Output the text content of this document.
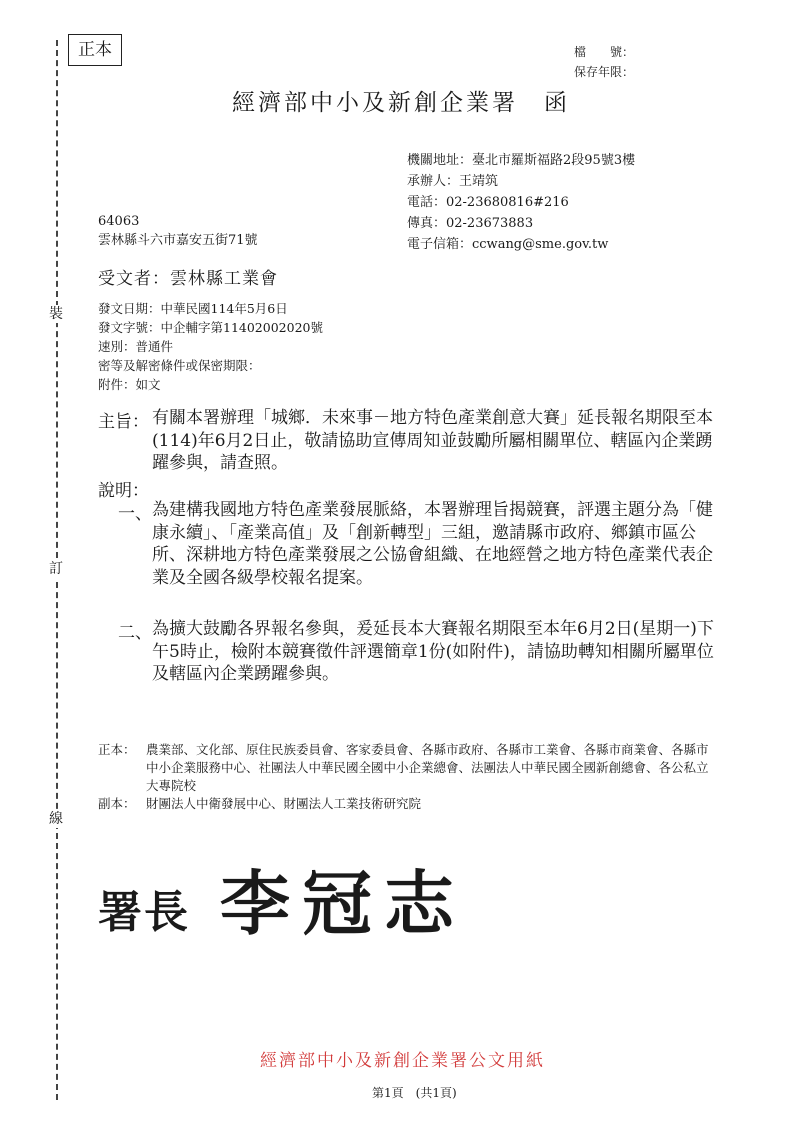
裝
訂
線
正本	檔　　號：
保存年限：
經濟部中小及新創企業署　函
機關地址：臺北市羅斯福路2段95號3樓
承辦人：王靖筑
電話：02-23680816#216
傳真：02-23673883
電子信箱：ccwang@sme.gov.tw
64063
雲林縣斗六市嘉安五街71號
受文者：雲林縣工業會
發文日期：中華民國114年5月6日
發文字號：中企輔字第11402002020號
速別：普通件
密等及解密條件或保密期限：
附件：如文
主旨： 有關本署辦理「城鄉．未來事－地方特色產業創意大賽」延長報名期限至本(114)年6月2日止，敬請協助宣傳周知並鼓勵所屬相關單位、轄區內企業踴躍參與，請查照。
說明：
一、 為建構我國地方特色產業發展脈絡，本署辦理旨揭競賽，評選主題分為「健康永續」、「產業高值」及「創新轉型」三組，邀請縣市政府、鄉鎮市區公所、深耕地方特色產業發展之公協會組織、在地經營之地方特色產業代表企業及全國各級學校報名提案。
二、 為擴大鼓勵各界報名參與，爰延長本大賽報名期限至本年6月2日(星期一)下午5時止，檢附本競賽徵件評選簡章1份(如附件)，請協助轉知相關所屬單位及轄區內企業踴躍參與。
正本： 農業部、文化部、原住民族委員會、客家委員會、各縣市政府、各縣市工業會、各縣市商業會、各縣市中小企業服務中心、社團法人中華民國全國中小企業總會、法團法人中華民國全國新創總會、各公私立大專院校
副本： 財團法人中衛發展中心、財團法人工業技術研究院
署長 李冠志
經濟部中小及新創企業署公文用紙
第1頁　(共1頁)
